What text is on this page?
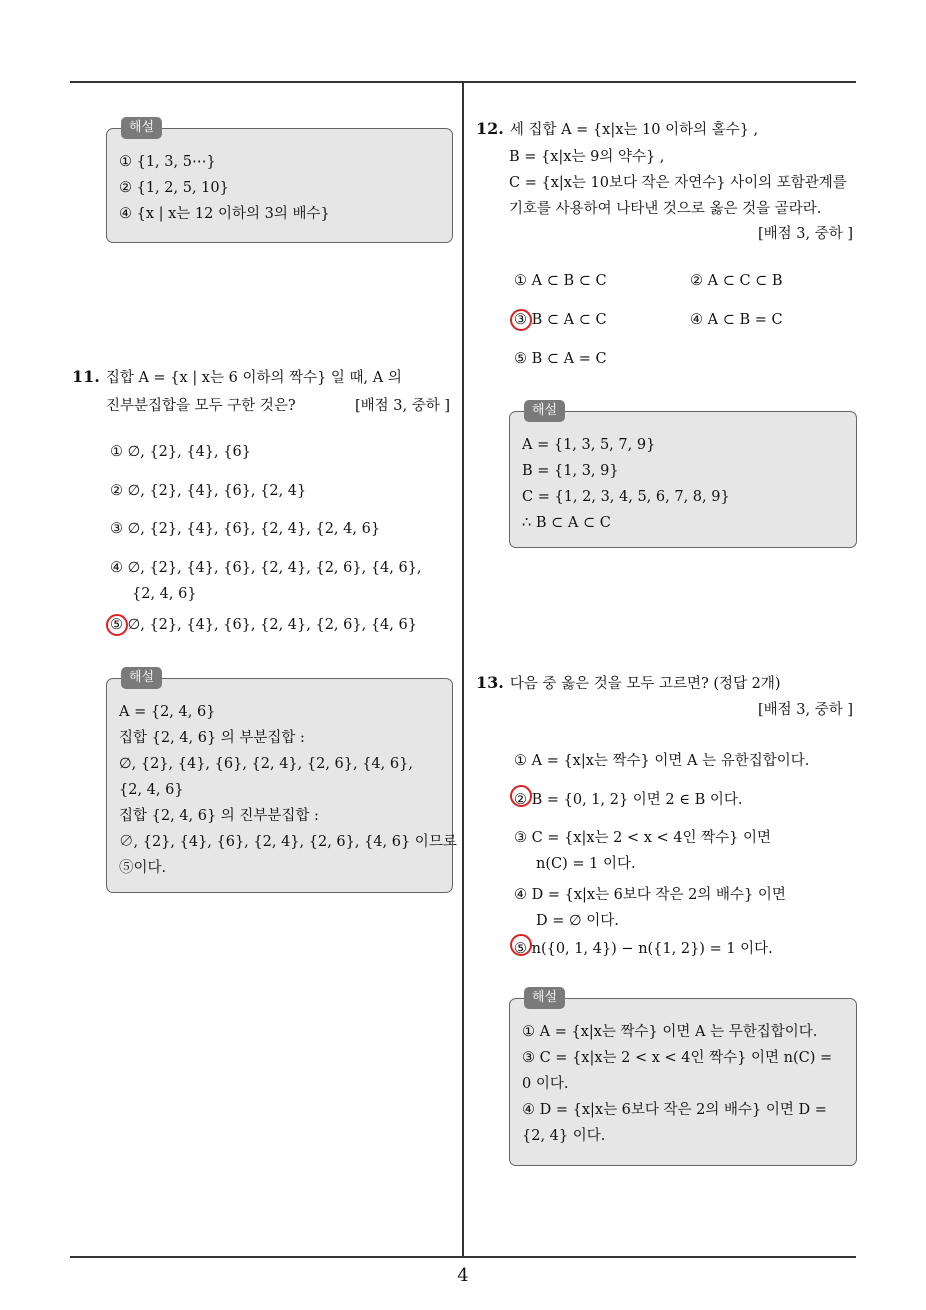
해설
① {1, 3, 5⋯}
② {1, 2, 5, 10}
④ {x | x는 12 이하의 3의 배수}
11. 집합 A = {x | x는 6 이하의 짝수} 일 때, A 의
진부분집합을 모두 구한 것은?	[배점 3, 중하 ]
① ∅, {2}, {4}, {6}
② ∅, {2}, {4}, {6}, {2, 4}
③ ∅, {2}, {4}, {6}, {2, 4}, {2, 4, 6}
④ ∅, {2}, {4}, {6}, {2, 4}, {2, 6}, {4, 6},
{2, 4, 6}
⑤ ∅, {2}, {4}, {6}, {2, 4}, {2, 6}, {4, 6}
해설
A = {2, 4, 6}
집합 {2, 4, 6} 의 부분집합 :
∅, {2}, {4}, {6}, {2, 4}, {2, 6}, {4, 6},
{2, 4, 6}
집합 {2, 4, 6} 의 진부분집합 :
∅, {2}, {4}, {6}, {2, 4}, {2, 6}, {4, 6} 이므로
⑤이다.
12. 세 집합 A = {x|x는 10 이하의 홀수} ,
B = {x|x는 9의 약수} ,
C = {x|x는 10보다 작은 자연수} 사이의 포함관계를
기호를 사용하여 나타낸 것으로 옳은 것을 골라라.
[배점 3, 중하 ]
① A ⊂ B ⊂ C	② A ⊂ C ⊂ B
③ B ⊂ A ⊂ C	④ A ⊂ B = C
⑤ B ⊂ A = C
해설
A = {1, 3, 5, 7, 9}
B = {1, 3, 9}
C = {1, 2, 3, 4, 5, 6, 7, 8, 9}
∴ B ⊂ A ⊂ C
13. 다음 중 옳은 것을 모두 고르면? (정답 2개)
[배점 3, 중하 ]
① A = {x|x는 짝수} 이면 A 는 유한집합이다.
② B = {0, 1, 2} 이면 2 ∈ B 이다.
③ C = {x|x는 2 < x < 4인 짝수} 이면
n(C) = 1 이다.
④ D = {x|x는 6보다 작은 2의 배수} 이면
D = ∅ 이다.
⑤ n({0, 1, 4}) − n({1, 2}) = 1 이다.
해설
① A = {x|x는 짝수} 이면 A 는 무한집합이다.
③ C = {x|x는 2 < x < 4인 짝수} 이면 n(C) =
0 이다.
④ D = {x|x는 6보다 작은 2의 배수} 이면 D =
{2, 4} 이다.
4
